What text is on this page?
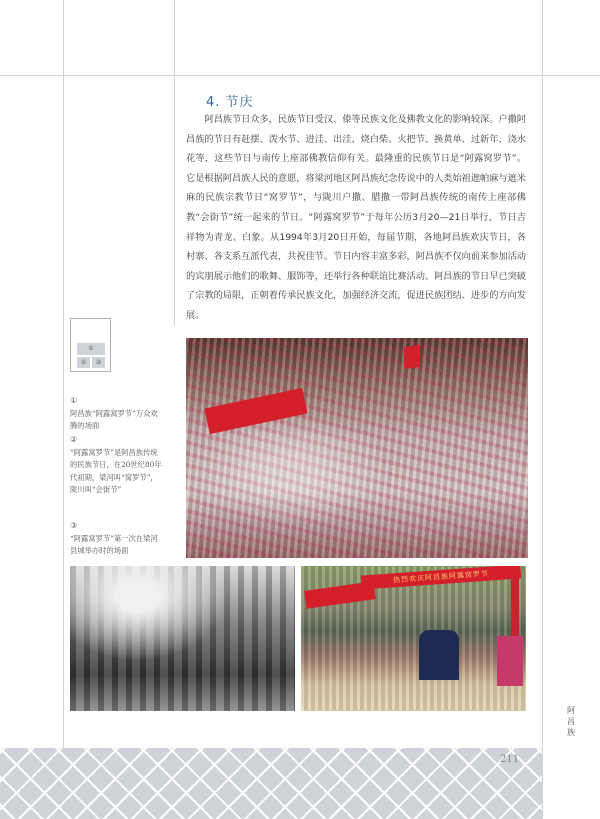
4. 节庆

阿昌族节日众多，民族节日受汉、傣等民族文化及佛教文化的影响较深。户撒阿昌族的节日有赶摆、泼水节、进洼、出洼、烧白柴、火把节、换黄单、过新年、浇水花等，这些节日与南传上座部佛教信仰有关。最隆重的民族节日是“阿露窝罗节”。它是根据阿昌族人民的意愿，将梁河地区阿昌族纪念传说中的人类始祖遮帕麻与遮米麻的民族宗教节日“窝罗节”，与陇川户撒、腊撒一带阿昌族传统的南传上座部佛教“会街节”统一起来的节日。“阿露窝罗节”于每年公历3月20—21日举行，节日吉祥物为青龙、白象。从1994年3月20日开始，每届节期，各地阿昌族欢庆节日，各村寨、各支系互派代表，共祝佳节。节日内容丰富多彩，阿昌族不仅向前来参加活动的宾朋展示他们的歌舞、服饰等，还举行各种联谊比赛活动。阿昌族的节日早已突破了宗教的局限，正朝着传承民族文化，加强经济交流，促进民族团结、进步的方向发展。

热烈欢庆阿昌族阿露窝罗节
①
②	③
①
阿昌族“阿露窝罗节”万众欢腾的场面
②
“阿露窝罗节”是阿昌族传统的民族节日，在20世纪80年代初期，梁河叫“窝罗节”，陇川叫“会街节”
③
“阿露窝罗节”第一次在梁河县城举办时的场面
阿昌族
211
